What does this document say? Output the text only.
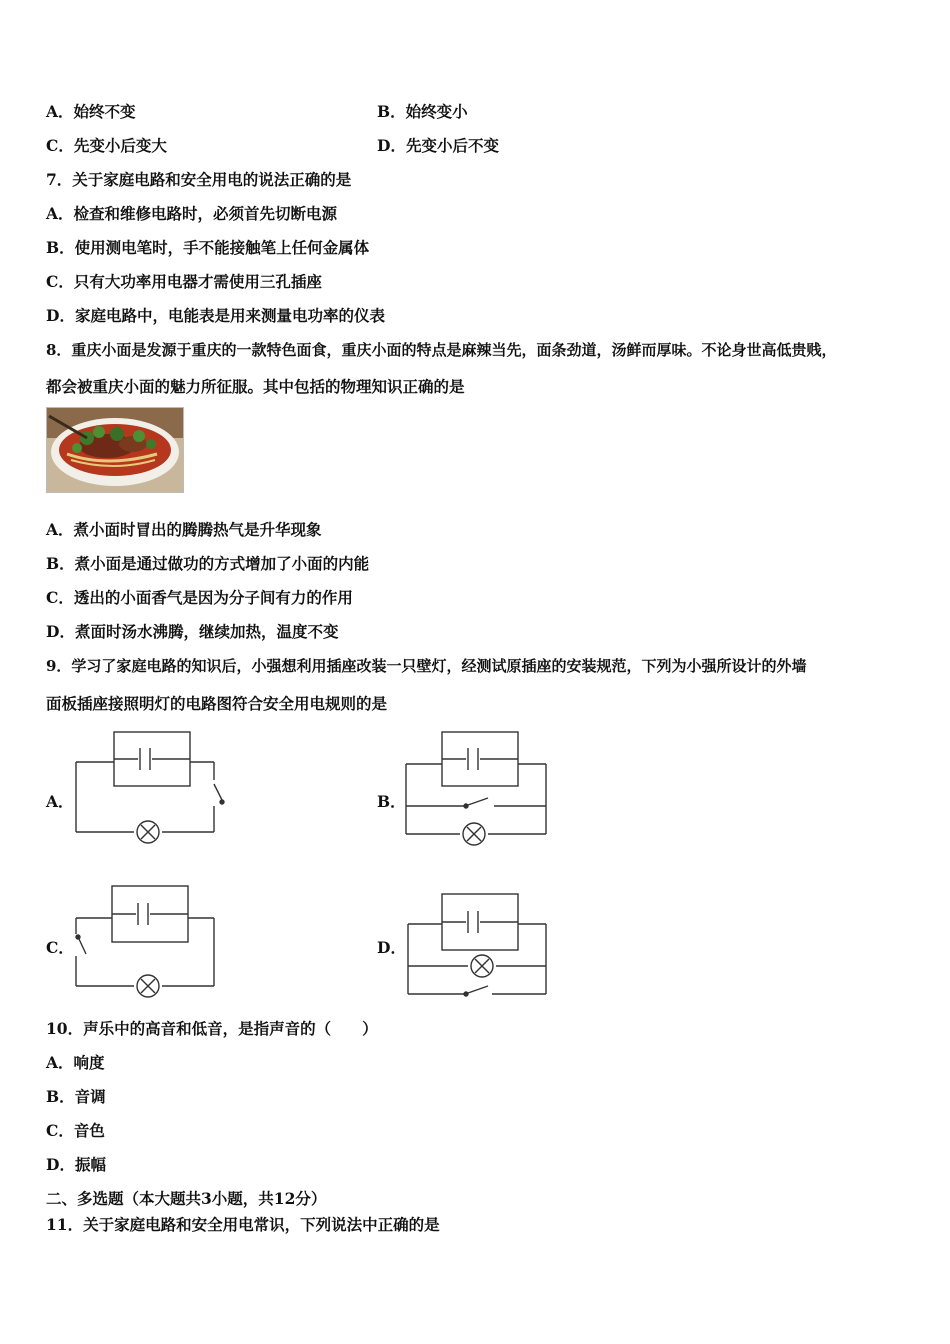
A．始终不变	B．始终变小
C．先变小后变大	D．先变小后不变
7．关于家庭电路和安全用电的说法正确的是
A．检查和维修电路时，必须首先切断电源
B．使用测电笔时，手不能接触笔上任何金属体
C．只有大功率用电器才需使用三孔插座
D．家庭电路中，电能表是用来测量电功率的仪表
8．重庆小面是发源于重庆的一款特色面食，重庆小面的特点是麻辣当先，面条劲道，汤鲜而厚味。不论身世高低贵贱，
都会被重庆小面的魅力所征服。其中包括的物理知识正确的是
A．煮小面时冒出的腾腾热气是升华现象
B．煮小面是通过做功的方式增加了小面的内能
C．透出的小面香气是因为分子间有力的作用
D．煮面时汤水沸腾，继续加热，温度不变
9．学习了家庭电路的知识后，小强想利用插座改装一只壁灯，经测试原插座的安装规范，下列为小强所设计的外墙
面板插座接照明灯的电路图符合安全用电规则的是
A．	B．
C．	D．
10．声乐中的高音和低音，是指声音的（　　）
A．响度
B．音调
C．音色
D．振幅
二、多选题（本大题共3小题，共12分）
11．关于家庭电路和安全用电常识，下列说法中正确的是
